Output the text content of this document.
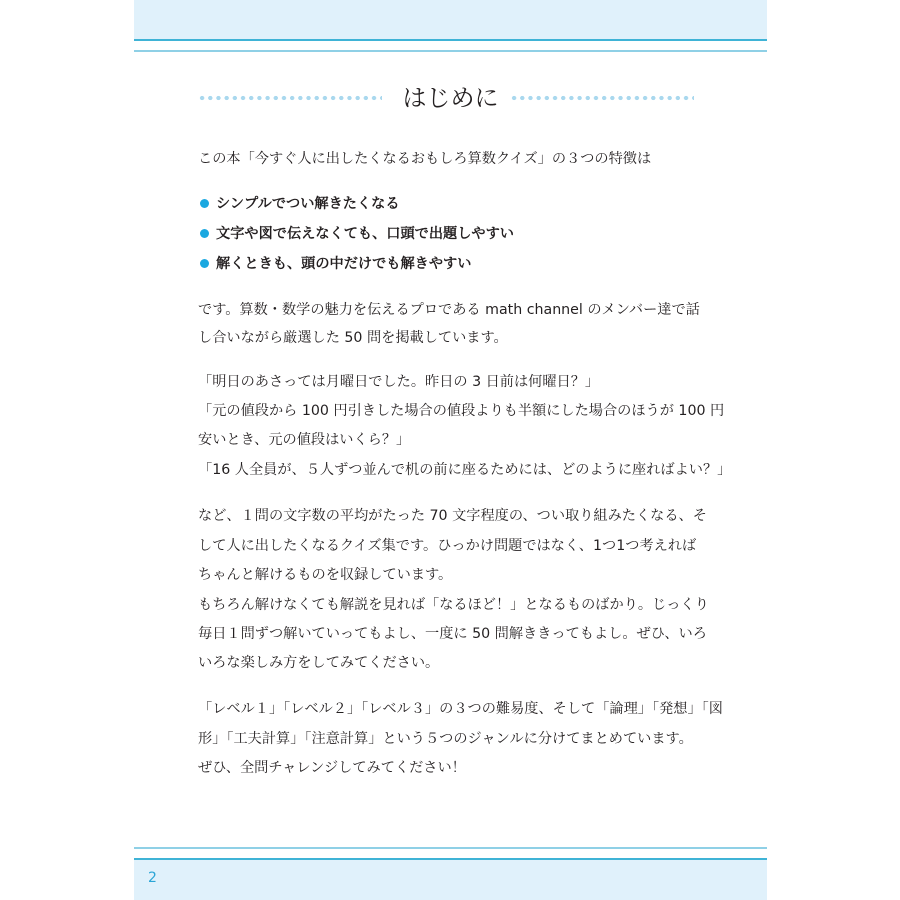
はじめに
この本「今すぐ人に出したくなるおもしろ算数クイズ」の３つの特徴は
シンプルでつい解きたくなる
文字や図で伝えなくても、口頭で出題しやすい
解くときも、頭の中だけでも解きやすい
です。算数・数学の魅力を伝えるプロである math channel のメンバー達で話
し合いながら厳選した 50 問を掲載しています。
「明日のあさっては月曜日でした。昨日の 3 日前は何曜日？」
「元の値段から 100 円引きした場合の値段よりも半額にした場合のほうが 100 円
安いとき、元の値段はいくら？」
「16 人全員が、５人ずつ並んで机の前に座るためには、どのように座ればよい？」
など、１問の文字数の平均がたった 70 文字程度の、つい取り組みたくなる、そ
して人に出したくなるクイズ集です。ひっかけ問題ではなく、1つ1つ考えれば
ちゃんと解けるものを収録しています。
もちろん解けなくても解説を見れば「なるほど！」となるものばかり。じっくり
毎日１問ずつ解いていってもよし、一度に 50 問解ききってもよし。ぜひ、いろ
いろな楽しみ方をしてみてください。
「レベル１」「レベル２」「レベル３」の３つの難易度、そして「論理」「発想」「図
形」「工夫計算」「注意計算」という５つのジャンルに分けてまとめています。
ぜひ、全問チャレンジしてみてください！
2
